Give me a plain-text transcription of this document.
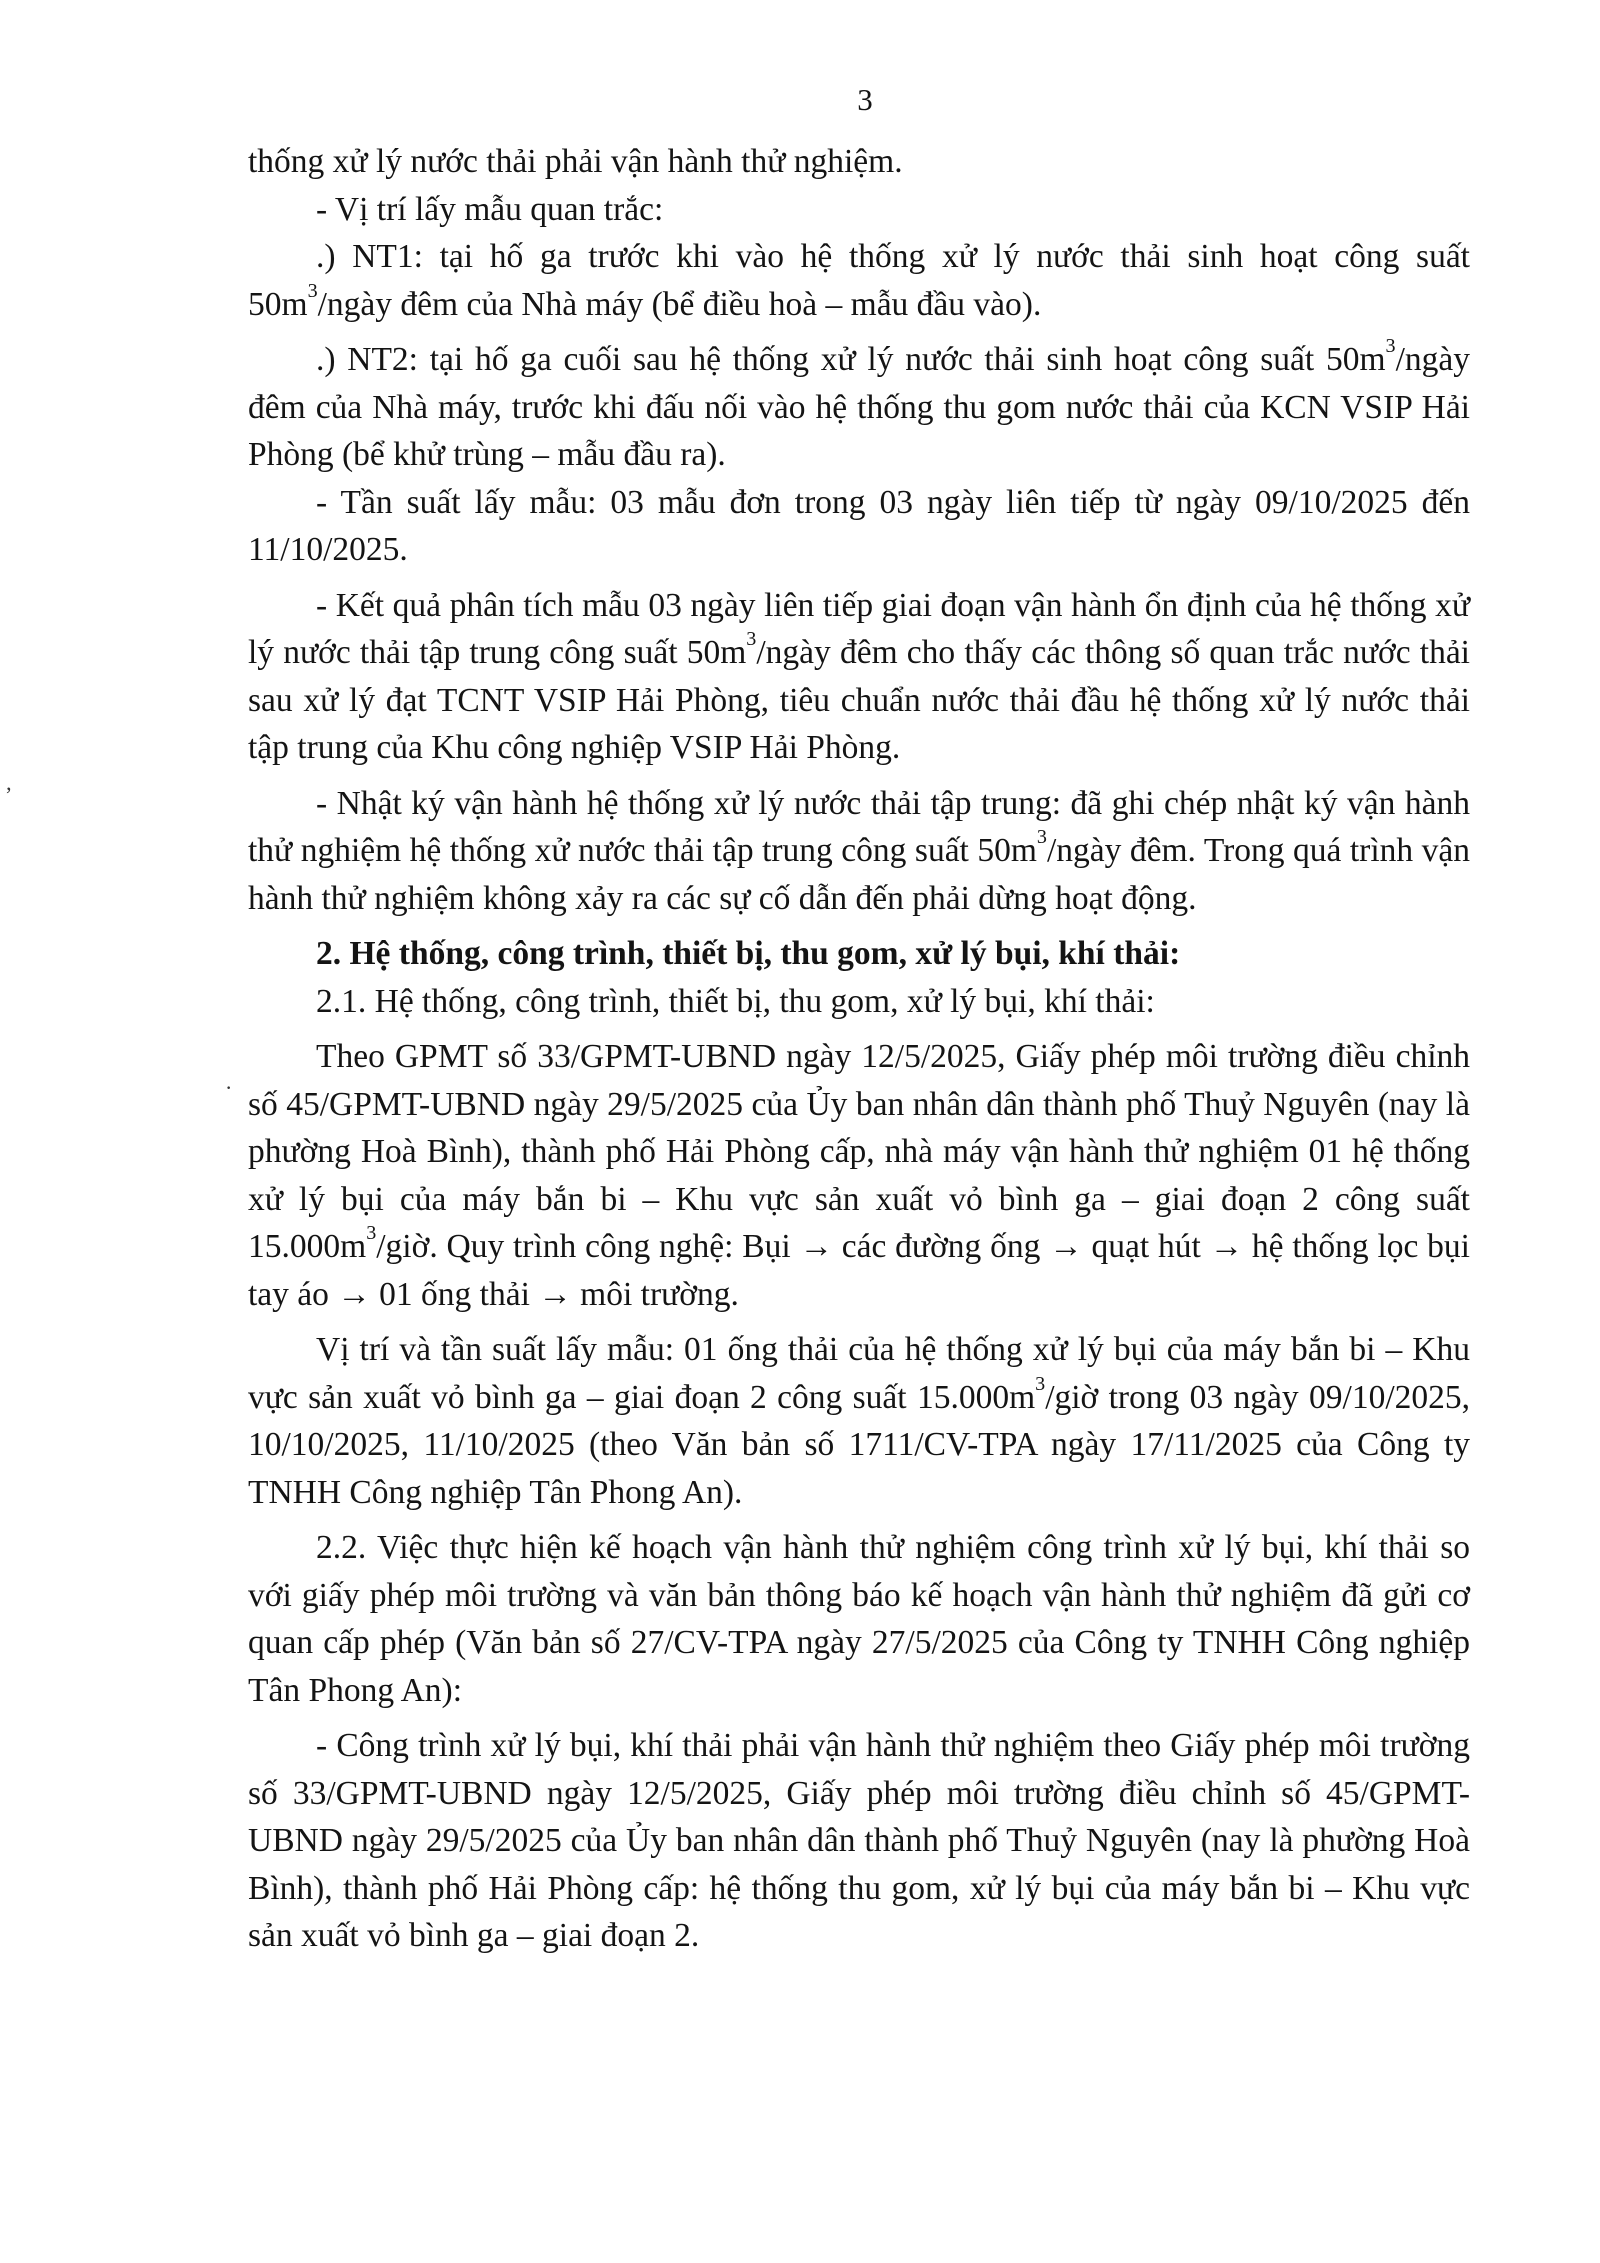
3

thống xử lý nước thải phải vận hành thử nghiệm.

- Vị trí lấy mẫu quan trắc:

.) NT1: tại hố ga trước khi vào hệ thống xử lý nước thải sinh hoạt công suất $50m^3$/ngày đêm của Nhà máy (bể điều hoà – mẫu đầu vào).

.) NT2: tại hố ga cuối sau hệ thống xử lý nước thải sinh hoạt công suất $50m^3$/ngày đêm của Nhà máy, trước khi đấu nối vào hệ thống thu gom nước thải của KCN VSIP Hải Phòng (bể khử trùng – mẫu đầu ra).

- Tần suất lấy mẫu: 03 mẫu đơn trong 03 ngày liên tiếp từ ngày 09/10/2025 đến 11/10/2025.

- Kết quả phân tích mẫu 03 ngày liên tiếp giai đoạn vận hành ổn định của hệ thống xử lý nước thải tập trung công suất $50m^3$/ngày đêm cho thấy các thông số quan trắc nước thải sau xử lý đạt TCNT VSIP Hải Phòng, tiêu chuẩn nước thải đầu hệ thống xử lý nước thải tập trung của Khu công nghiệp VSIP Hải Phòng.

- Nhật ký vận hành hệ thống xử lý nước thải tập trung: đã ghi chép nhật ký vận hành thử nghiệm hệ thống xử nước thải tập trung công suất $50m^3$/ngày đêm. Trong quá trình vận hành thử nghiệm không xảy ra các sự cố dẫn đến phải dừng hoạt động.

2. Hệ thống, công trình, thiết bị, thu gom, xử lý bụi, khí thải:

2.1. Hệ thống, công trình, thiết bị, thu gom, xử lý bụi, khí thải:

Theo GPMT số 33/GPMT-UBND ngày 12/5/2025, Giấy phép môi trường điều chỉnh số 45/GPMT-UBND ngày 29/5/2025 của Ủy ban nhân dân thành phố Thuỷ Nguyên (nay là phường Hoà Bình), thành phố Hải Phòng cấp, nhà máy vận hành thử nghiệm 01 hệ thống xử lý bụi của máy bắn bi – Khu vực sản xuất vỏ bình ga – giai đoạn 2 công suất $15.000m^3$/giờ. Quy trình công nghệ: Bụi → các đường ống → quạt hút → hệ thống lọc bụi tay áo → 01 ống thải → môi trường.

Vị trí và tần suất lấy mẫu: 01 ống thải của hệ thống xử lý bụi của máy bắn bi – Khu vực sản xuất vỏ bình ga – giai đoạn 2 công suất $15.000m^3$/giờ trong 03 ngày 09/10/2025, 10/10/2025, 11/10/2025 (theo Văn bản số 1711/CV-TPA ngày 17/11/2025 của Công ty TNHH Công nghiệp Tân Phong An).

2.2. Việc thực hiện kế hoạch vận hành thử nghiệm công trình xử lý bụi, khí thải so với giấy phép môi trường và văn bản thông báo kế hoạch vận hành thử nghiệm đã gửi cơ quan cấp phép (Văn bản số 27/CV-TPA ngày 27/5/2025 của Công ty TNHH Công nghiệp Tân Phong An):

- Công trình xử lý bụi, khí thải phải vận hành thử nghiệm theo Giấy phép môi trường số 33/GPMT-UBND ngày 12/5/2025, Giấy phép môi trường điều chỉnh số 45/GPMT-UBND ngày 29/5/2025 của Ủy ban nhân dân thành phố Thuỷ Nguyên (nay là phường Hoà Bình), thành phố Hải Phòng cấp: hệ thống thu gom, xử lý bụi của máy bắn bi – Khu vực sản xuất vỏ bình ga – giai đoạn 2.

‚
·
